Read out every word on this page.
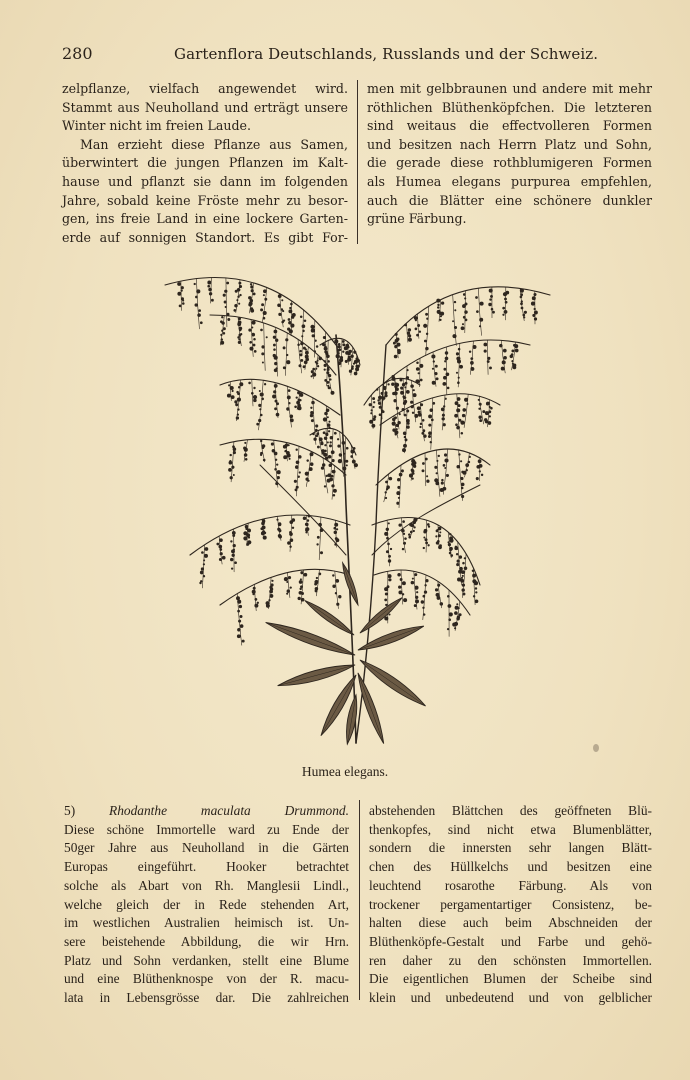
280	Gartenflora Deutschlands, Russlands und der Schweiz.

zelpflanze, vielfach angewendet wird.

Stammt aus Neuholland und erträgt unsere

Winter nicht im freien Laude.

Man erzieht diese Pflanze aus Samen,

überwintert die jungen Pflanzen im Kalt-

hause und pflanzt sie dann im folgenden

Jahre, sobald keine Fröste mehr zu besor-

gen, ins freie Land in eine lockere Garten-

erde auf sonnigen Standort. Es gibt For-

men mit gelbbraunen und andere mit mehr

röthlichen Blüthenköpfchen. Die letzteren

sind weitaus die effectvolleren Formen

und besitzen nach Herrn Platz und Sohn,

die gerade diese rothblumigeren Formen

als Humea elegans purpurea empfehlen,

auch die Blätter eine schönere dunkler

grüne Färbung.

Humea elegans.

5)	Rhodanthe maculata Drummond.

Diese schöne Immortelle ward zu Ende der

50ger Jahre aus Neuholland in die Gärten

Europas eingeführt. Hooker betrachtet

solche als Abart von Rh. Manglesii Lindl.,

welche gleich der in Rede stehenden Art,

im westlichen Australien heimisch ist. Un-

sere beistehende Abbildung, die wir Hrn.

Platz und Sohn verdanken, stellt eine Blume

und eine Blüthenknospe von der R. macu-

lata in Lebensgrösse dar. Die zahlreichen

abstehenden Blättchen des geöffneten Blü-

thenkopfes, sind nicht etwa Blumenblätter,

sondern die innersten sehr langen Blätt-

chen des Hüllkelchs und besitzen eine

leuchtend rosarothe Färbung. Als von

trockener pergamentartiger Consistenz, be-

halten diese auch beim Abschneiden der

Blüthenköpfe-Gestalt und Farbe und gehö-

ren daher zu den schönsten Immortellen.

Die eigentlichen Blumen der Scheibe sind

klein und unbedeutend und von gelblicher
